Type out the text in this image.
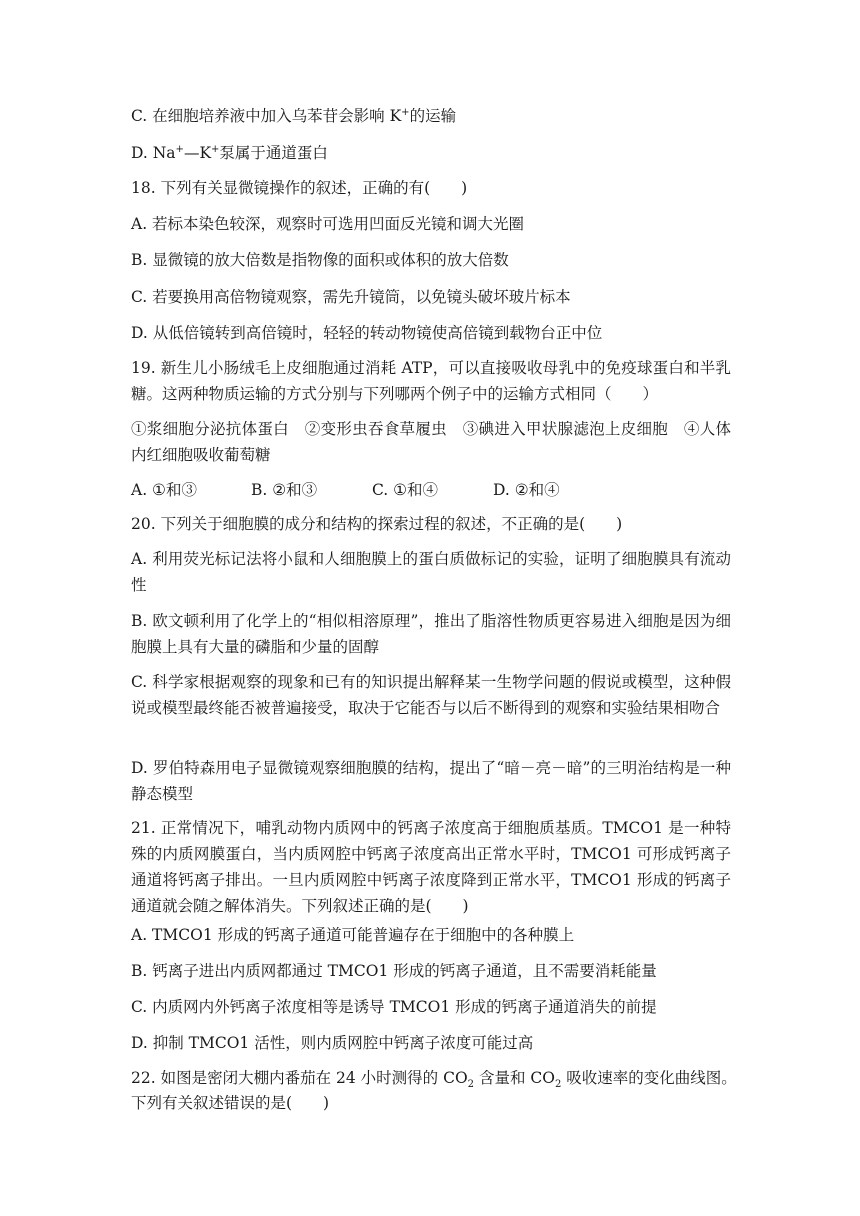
C. 在细胞培养液中加入乌苯苷会影响 K+的运输
D. Na+—K+泵属于通道蛋白
18. 下列有关显微镜操作的叙述，正确的有(　　)
A. 若标本染色较深，观察时可选用凹面反光镜和调大光圈
B. 显微镜的放大倍数是指物像的面积或体积的放大倍数
C. 若要换用高倍物镜观察，需先升镜筒，以免镜头破坏玻片标本
D. 从低倍镜转到高倍镜时，轻轻的转动物镜使高倍镜到载物台正中位
19. 新生儿小肠绒毛上皮细胞通过消耗 ATP，可以直接吸收母乳中的免疫球蛋白和半乳糖。这两种物质运输的方式分别与下列哪两个例子中的运输方式相同（　　）
①浆细胞分泌抗体蛋白　②变形虫吞食草履虫　③碘进入甲状腺滤泡上皮细胞　④人体内红细胞吸收葡萄糖
A. ①和③	B. ②和③	C. ①和④	D. ②和④
20. 下列关于细胞膜的成分和结构的探索过程的叙述，不正确的是(　　)
A. 利用荧光标记法将小鼠和人细胞膜上的蛋白质做标记的实验，证明了细胞膜具有流动性
B. 欧文顿利用了化学上的“相似相溶原理”，推出了脂溶性物质更容易进入细胞是因为细胞膜上具有大量的磷脂和少量的固醇
C. 科学家根据观察的现象和已有的知识提出解释某一生物学问题的假说或模型，这种假说或模型最终能否被普遍接受，取决于它能否与以后不断得到的观察和实验结果相吻合
D. 罗伯特森用电子显微镜观察细胞膜的结构，提出了“暗－亮－暗”的三明治结构是一种静态模型
21. 正常情况下，哺乳动物内质网中的钙离子浓度高于细胞质基质。TMCO1 是一种特殊的内质网膜蛋白，当内质网腔中钙离子浓度高出正常水平时，TMCO1 可形成钙离子通道将钙离子排出。一旦内质网腔中钙离子浓度降到正常水平，TMCO1 形成的钙离子通道就会随之解体消失。下列叙述正确的是(　　)
A. TMCO1 形成的钙离子通道可能普遍存在于细胞中的各种膜上
B. 钙离子进出内质网都通过 TMCO1 形成的钙离子通道，且不需要消耗能量
C. 内质网内外钙离子浓度相等是诱导 TMCO1 形成的钙离子通道消失的前提
D. 抑制 TMCO1 活性，则内质网腔中钙离子浓度可能过高
22. 如图是密闭大棚内番茄在 24 小时测得的 $CO_2$ 含量和 $CO_2$ 吸收速率的变化曲线图。
下列有关叙述错误的是(　　)
